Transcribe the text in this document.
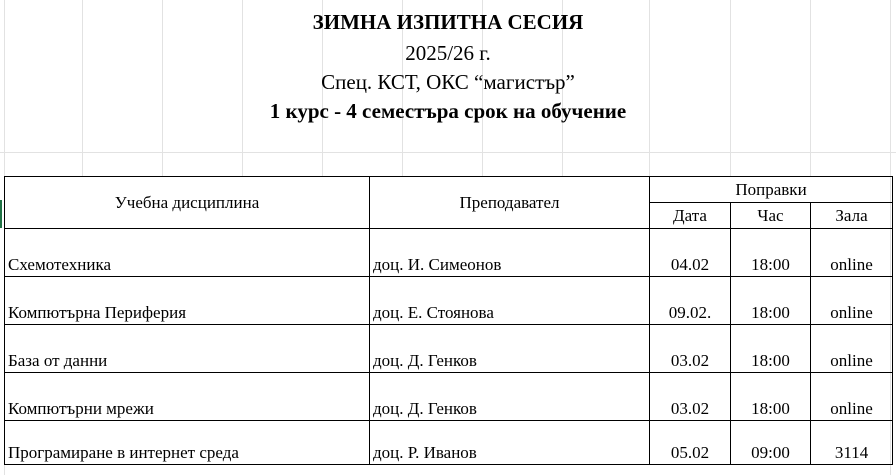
ЗИМНА ИЗПИТНА СЕСИЯ
2025/26 г.
Спец. КСТ, ОКС “магистър”
1 курс - 4 семестъра срок на обучение
Учебна дисциплина	Преподавател	Поправки		
		Дата	Час	Зала
Схемотехника	доц. И. Симеонов	04.02	18:00	online
Компютърна Периферия	доц. Е. Стоянова	09.02.	18:00	online
База от данни	доц. Д. Генков	03.02	18:00	online
Компютърни мрежи	доц. Д. Генков	03.02	18:00	online
Програмиране в интернет среда	доц. Р. Иванов	05.02	09:00	3114
